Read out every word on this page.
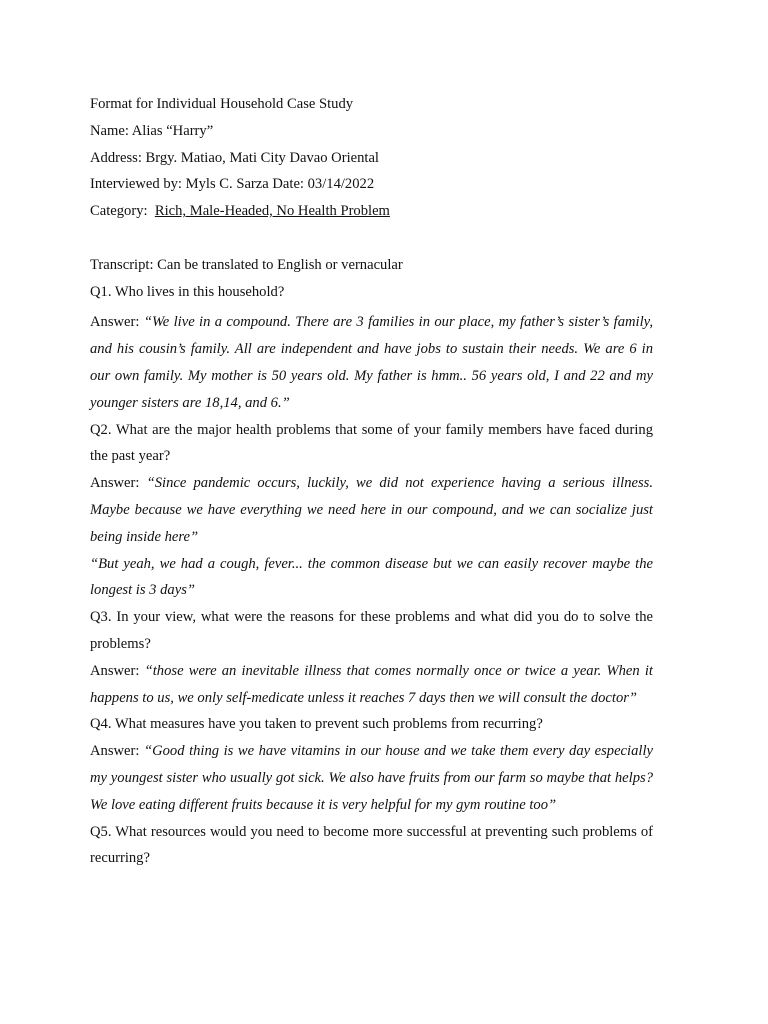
Format for Individual Household Case Study

Name: Alias “Harry”

Address: Brgy. Matiao, Mati City Davao Oriental

Interviewed by: Myls C. Sarza Date: 03/14/2022

Category:  Rich, Male-Headed, No Health Problem

Transcript: Can be translated to English or vernacular

Q1. Who lives in this household?

Answer: “We live in a compound. There are 3 families in our place, my father’s sister’s family, and his cousin’s family. All are independent and have jobs to sustain their needs. We are 6 in our own family. My mother is 50 years old. My father is hmm.. 56 years old, I and 22 and my younger sisters are 18,14, and 6.”

Q2. What are the major health problems that some of your family members have faced during the past year?

Answer: “Since pandemic occurs, luckily, we did not experience having a serious illness. Maybe because we have everything we need here in our compound, and we can socialize just being inside here”

“But yeah, we had a cough, fever... the common disease but we can easily recover maybe the longest is 3 days”

Q3. In your view, what were the reasons for these problems and what did you do to solve the problems?

Answer: “those were an inevitable illness that comes normally once or twice a year. When it happens to us, we only self-medicate unless it reaches 7 days then we will consult the doctor”

Q4. What measures have you taken to prevent such problems from recurring?

Answer: “Good thing is we have vitamins in our house and we take them every day especially my youngest sister who usually got sick. We also have fruits from our farm so maybe that helps? We love eating different fruits because it is very helpful for my gym routine too”

Q5. What resources would you need to become more successful at preventing such problems of recurring?
